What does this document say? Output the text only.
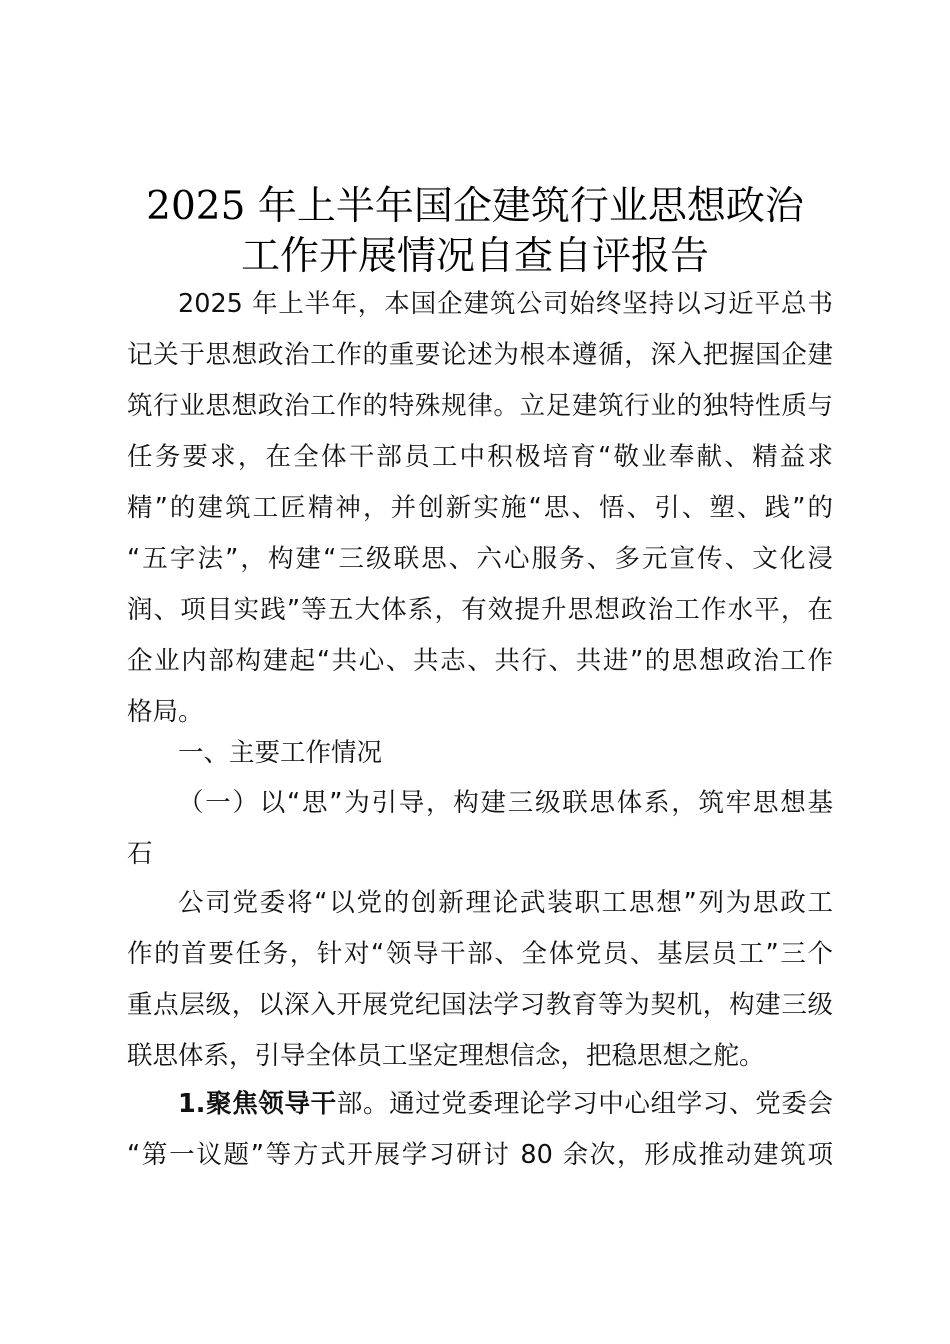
2025 年上半年国企建筑行业思想政治
工作开展情况自查自评报告
2025 年上半年，本国企建筑公司始终坚持以习近平总书
记关于思想政治工作的重要论述为根本遵循，深入把握国企建
筑行业思想政治工作的特殊规律。立足建筑行业的独特性质与
任务要求，在全体干部员工中积极培育“敬业奉献、精益求
精”的建筑工匠精神，并创新实施“思、悟、引、塑、践”的
“五字法”，构建“三级联思、六心服务、多元宣传、文化浸
润、项目实践”等五大体系，有效提升思想政治工作水平，在
企业内部构建起“共心、共志、共行、共进”的思想政治工作
格局。
一、主要工作情况
（一）以“思”为引导，构建三级联思体系，筑牢思想基
石
公司党委将“以党的创新理论武装职工思想”列为思政工
作的首要任务，针对“领导干部、全体党员、基层员工”三个
重点层级，以深入开展党纪国法学习教育等为契机，构建三级
联思体系，引导全体员工坚定理想信念，把稳思想之舵。
1.聚焦领导干部。通过党委理论学习中心组学习、党委会
“第一议题”等方式开展学习研讨 80 余次，形成推动建筑项
